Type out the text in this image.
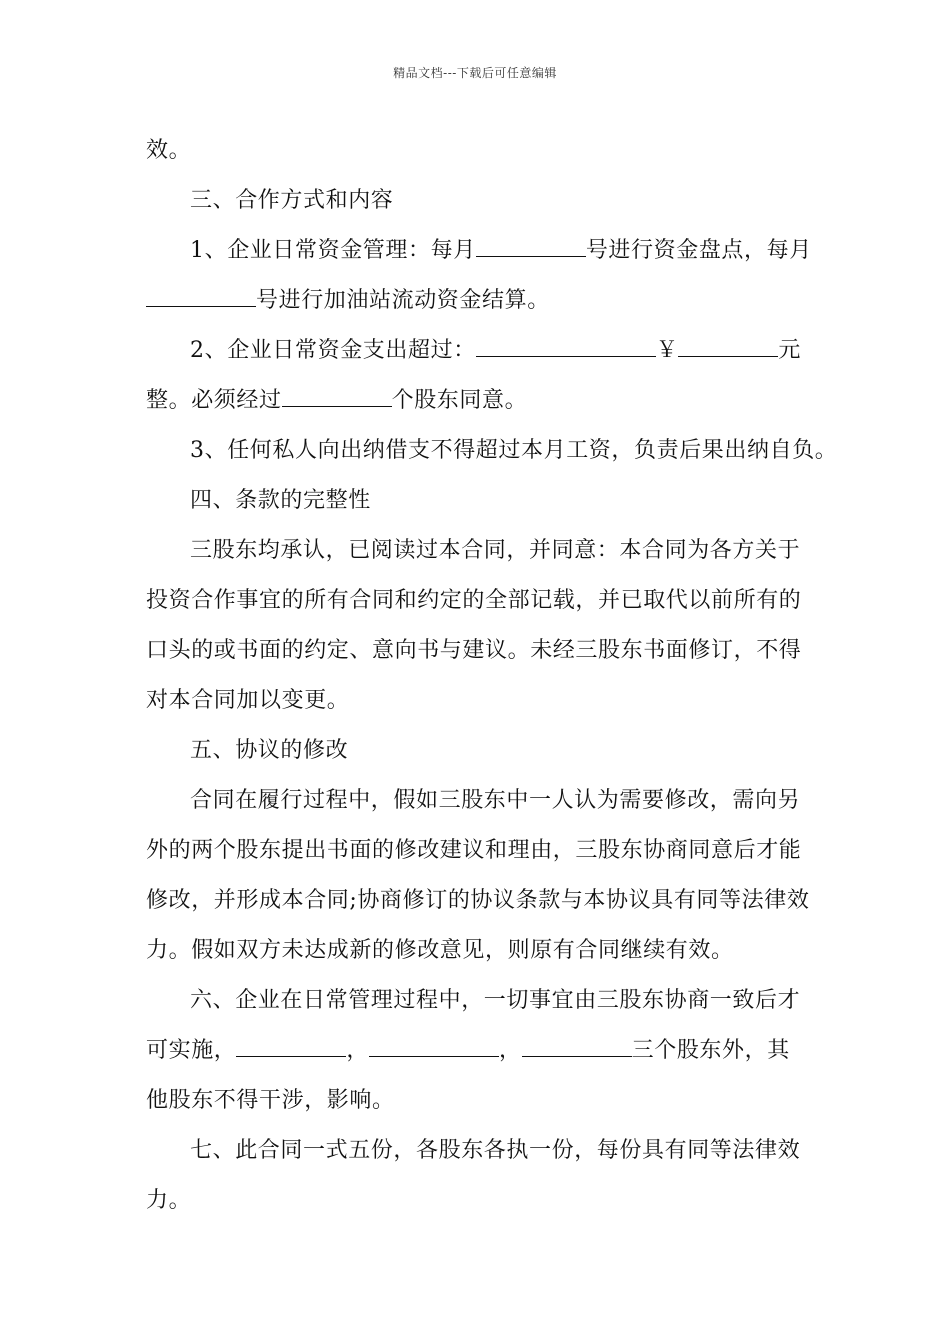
精品文档---下载后可任意编辑
效。
三、合作方式和内容
1、企业日常资金管理：每月	号进行资金盘点，每月
号进行加油站流动资金结算。
2、企业日常资金支出超过：	￥	元
整。必须经过	个股东同意。
3、任何私人向出纳借支不得超过本月工资，负责后果出纳自负。
四、条款的完整性
三股东均承认，已阅读过本合同，并同意：本合同为各方关于
投资合作事宜的所有合同和约定的全部记载，并已取代以前所有的
口头的或书面的约定、意向书与建议。未经三股东书面修订，不得
对本合同加以变更。
五、协议的修改
合同在履行过程中，假如三股东中一人认为需要修改，需向另
外的两个股东提出书面的修改建议和理由，三股东协商同意后才能
修改，并形成本合同;协商修订的协议条款与本协议具有同等法律效
力。假如双方未达成新的修改意见，则原有合同继续有效。
六、企业在日常管理过程中，一切事宜由三股东协商一致后才
可实施，	，	，	三个股东外，其
他股东不得干涉，影响。
七、此合同一式五份，各股东各执一份，每份具有同等法律效
力。
